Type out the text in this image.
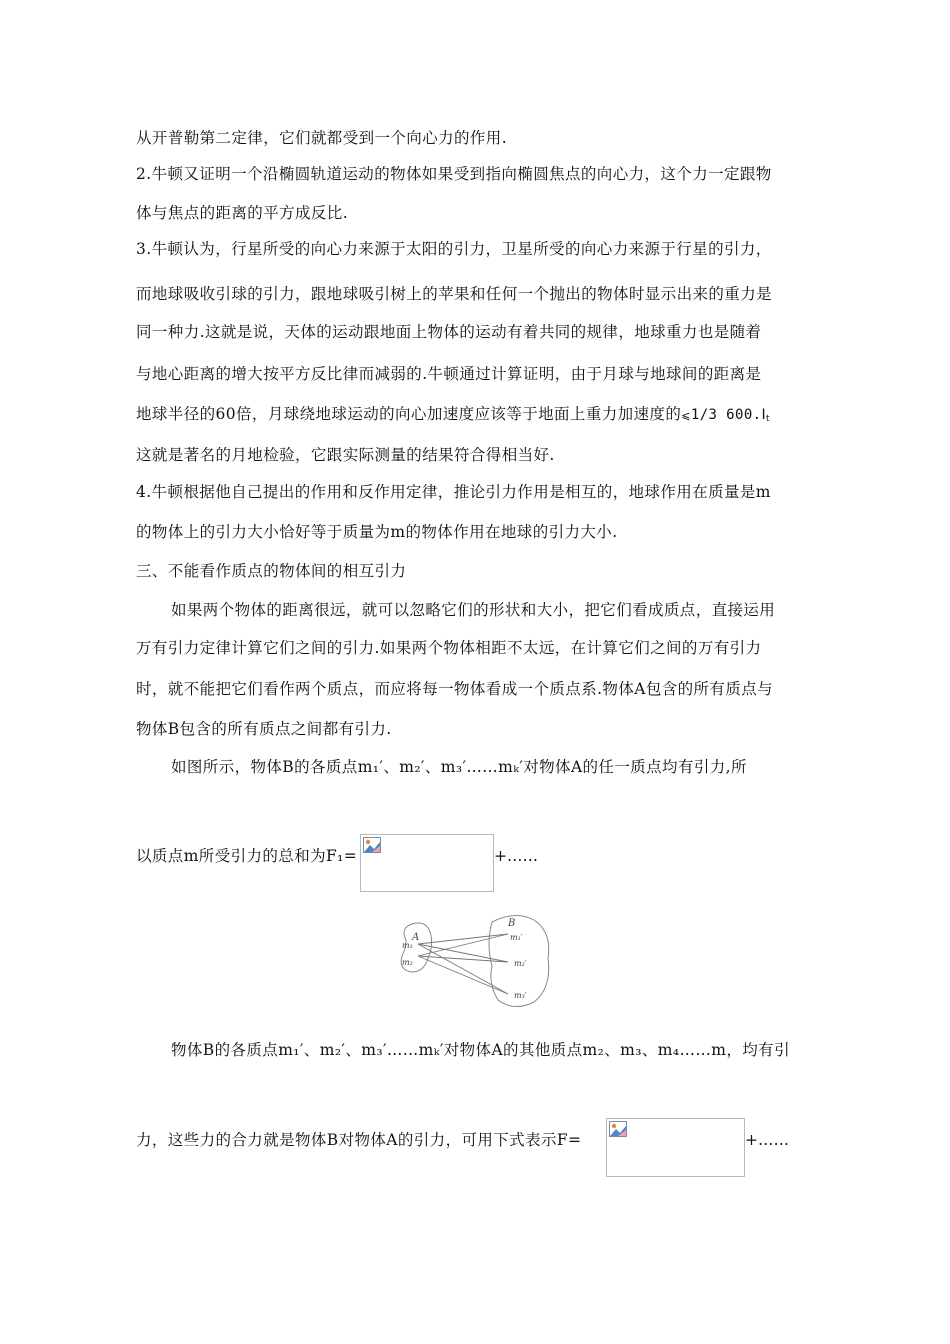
从开普勒第二定律，它们就都受到一个向心力的作用.
2.牛顿又证明一个沿椭圆轨道运动的物体如果受到指向椭圆焦点的向心力，这个力一定跟物
体与焦点的距离的平方成反比.
3.牛顿认为，行星所受的向心力来源于太阳的引力，卫星所受的向心力来源于行星的引力，
而地球吸收引球的引力，跟地球吸引树上的苹果和任何一个抛出的物体时显示出来的重力是
同一种力.这就是说，天体的运动跟地面上物体的运动有着共同的规律，地球重力也是随着
与地心距离的增大按平方反比律而减弱的.牛顿通过计算证明，由于月球与地球间的距离是
地球半径的60倍，月球绕地球运动的向心加速度应该等于地面上重力加速度的⩽1/3 $600.I_t$
这就是著名的月地检验，它跟实际测量的结果符合得相当好.
4.牛顿根据他自己提出的作用和反作用定律，推论引力作用是相互的，地球作用在质量是m
的物体上的引力大小恰好等于质量为m的物体作用在地球的引力大小.
三、不能看作质点的物体间的相互引力
如果两个物体的距离很远，就可以忽略它们的形状和大小，把它们看成质点，直接运用
万有引力定律计算它们之间的引力.如果两个物体相距不太远，在计算它们之间的万有引力
时，就不能把它们看作两个质点，而应将每一物体看成一个质点系.物体A包含的所有质点与
物体B包含的所有质点之间都有引力.
如图所示，物体B的各质点m₁′、m₂′、m₃′……mₖ′对物体A的任一质点均有引力,所
以质点m所受引力的总和为F₁=	+……
A
B
m₁
m₂
m₁′
m₂′
m₃′
物体B的各质点m₁′、m₂′、m₃′……mₖ′对物体A的其他质点m₂、m₃、m₄……m，均有引
力，这些力的合力就是物体B对物体A的引力，可用下式表示F=	+……
